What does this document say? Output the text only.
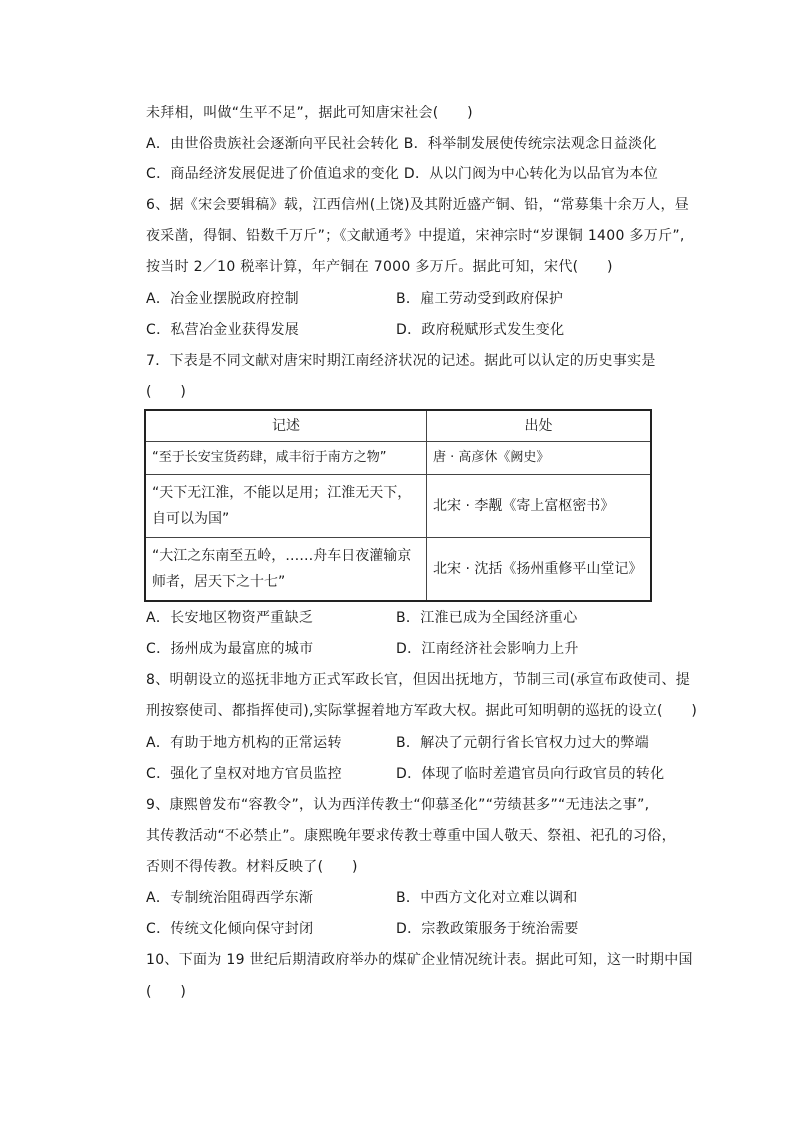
未拜相，叫做“生平不足”，据此可知唐宋社会(　　)
A．由世俗贵族社会逐渐向平民社会转化 B．科举制发展使传统宗法观念日益淡化
C．商品经济发展促进了价值追求的变化 D．从以门阀为中心转化为以品官为本位
6、据《宋会要辑稿》载，江西信州(上饶)及其附近盛产铜、铅，“常募集十余万人，昼
夜采凿，得铜、铅数千万斤”；《文献通考》中提道，宋神宗时“岁课铜 1400 多万斤”,
按当时 2／10 税率计算，年产铜在 7000 多万斤。据此可知，宋代(　　)
A．冶金业摆脱政府控制	B．雇工劳动受到政府保护
C．私营冶金业获得发展	D．政府税赋形式发生变化
7．下表是不同文献对唐宋时期江南经济状况的记述。据此可以认定的历史事实是
(　　)
记述	出处
“至于长安宝货药肆，咸丰衍于南方之物”	唐 · 高彦休《阙史》

“天下无江淮，不能以足用；江淮无天下，
自可以为国”	北宋 · 李觏《寄上富枢密书》

“大江之东南至五岭，……舟车日夜灌输京
师者，居天下之十七”	北宋 · 沈括《扬州重修平山堂记》
A．长安地区物资严重缺乏	B．江淮已成为全国经济重心
C．扬州成为最富庶的城市	D．江南经济社会影响力上升
8、明朝设立的巡抚非地方正式军政长官，但因出抚地方，节制三司(承宣布政使司、提
刑按察使司、都指挥使司),实际掌握着地方军政大权。据此可知明朝的巡抚的设立(　　)
A．有助于地方机构的正常运转	B．解决了元朝行省长官权力过大的弊端
C．强化了皇权对地方官员监控	D．体现了临时差遣官员向行政官员的转化
9、康熙曾发布“容教令”，认为西洋传教士“仰慕圣化”“劳绩甚多”“无违法之事”,
其传教活动“不必禁止”。康熙晚年要求传教士尊重中国人敬天、祭祖、祀孔的习俗，
否则不得传教。材料反映了(　　)
A．专制统治阻碍西学东渐	B．中西方文化对立难以调和
C．传统文化倾向保守封闭	D．宗教政策服务于统治需要
10、下面为 19 世纪后期清政府举办的煤矿企业情况统计表。据此可知，这一时期中国
(　　)
